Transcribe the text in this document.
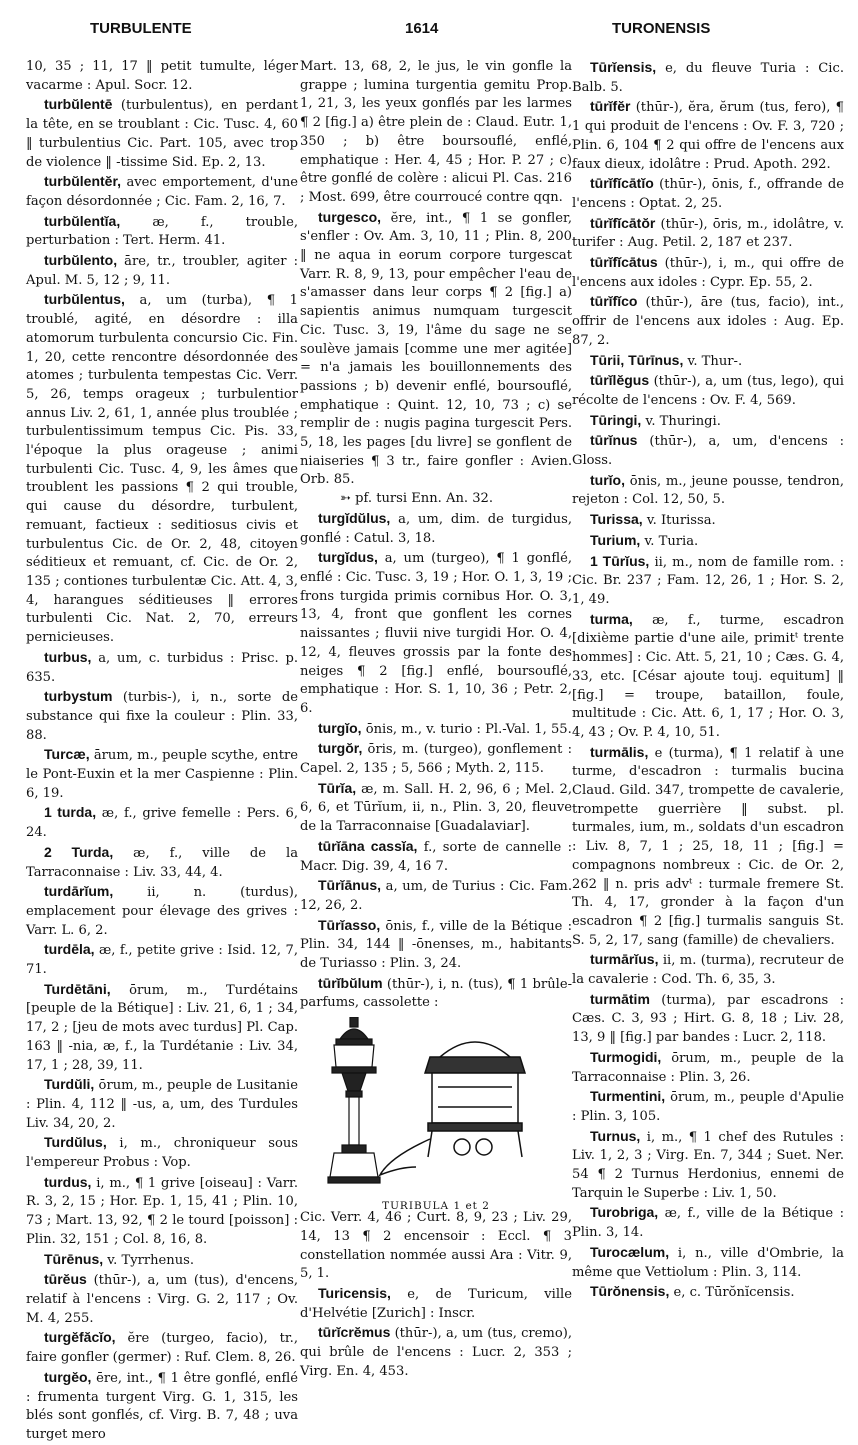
TURBULENTE	1614	TURONENSIS

10, 35 ; 11, 17 ‖ petit tumulte, léger vacarme : Apul. Socr. 12.

turbŭlentē (turbulentus), en perdant la tête, en se troublant : Cic. Tusc. 4, 60 ‖ turbulentius Cic. Part. 105, avec trop de violence ‖ -tissime Sid. Ep. 2, 13.

turbŭlentĕr, avec emportement, d'une façon désordonnée ; Cic. Fam. 2, 16, 7.

turbŭlentĭa, æ, f., trouble, perturbation : Tert. Herm. 41.

turbŭlento, āre, tr., troubler, agiter : Apul. M. 5, 12 ; 9, 11.

turbŭlentus, a, um (turba), ¶ 1 troublé, agité, en désordre : illa atomorum turbulenta concursio Cic. Fin. 1, 20, cette rencontre désordonnée des atomes ; turbulenta tempestas Cic. Verr. 5, 26, temps orageux ; turbulentior annus Liv. 2, 61, 1, année plus troublée ; turbulentissimum tempus Cic. Pis. 33, l'époque la plus orageuse ; animi turbulenti Cic. Tusc. 4, 9, les âmes que troublent les passions ¶ 2 qui trouble, qui cause du désordre, turbulent, remuant, factieux : seditiosus civis et turbulentus Cic. de Or. 2, 48, citoyen séditieux et remuant, cf. Cic. de Or. 2, 135 ; contiones turbulentæ Cic. Att. 4, 3, 4, harangues séditieuses ‖ errores turbulenti Cic. Nat. 2, 70, erreurs pernicieuses.

turbus, a, um, c. turbidus : Prisc. p. 635.

turbystum (turbis-), i, n., sorte de substance qui fixe la couleur : Plin. 33, 88.

Turcæ, ārum, m., peuple scythe, entre le Pont-Euxin et la mer Caspienne : Plin. 6, 19.

1 turda, æ, f., grive femelle : Pers. 6, 24.

2 Turda, æ, f., ville de la Tarraconnaise : Liv. 33, 44, 4.

turdārĭum, ii, n. (turdus), emplacement pour élevage des grives : Varr. L. 6, 2.

turdēla, æ, f., petite grive : Isid. 12, 7, 71.

Turdētāni, ōrum, m., Turdétains [peuple de la Bétique] : Liv. 21, 6, 1 ; 34, 17, 2 ; [jeu de mots avec turdus] Pl. Cap. 163 ‖ -nia, æ, f., la Turdétanie : Liv. 34, 17, 1 ; 28, 39, 11.

Turdŭli, ōrum, m., peuple de Lusitanie : Plin. 4, 112 ‖ -us, a, um, des Turdules Liv. 34, 20, 2.

Turdŭlus, i, m., chroniqueur sous l'empereur Probus : Vop.

turdus, i, m., ¶ 1 grive [oiseau] : Varr. R. 3, 2, 15 ; Hor. Ep. 1, 15, 41 ; Plin. 10, 73 ; Mart. 13, 92, ¶ 2 le tourd [poisson] : Plin. 32, 151 ; Col. 8, 16, 8.

Tūrēnus, v. Tyrrhenus.

tūrĕus (thūr-), a, um (tus), d'encens, relatif à l'encens : Virg. G. 2, 117 ; Ov. M. 4, 255.

turgĕfăcĭo, ĕre (turgeo, facio), tr., faire gonfler (germer) : Ruf. Clem. 8, 26.

turgĕo, ēre, int., ¶ 1 être gonflé, enflé : frumenta turgent Virg. G. 1, 315, les blés sont gonflés, cf. Virg. B. 7, 48 ; uva turget mero

Mart. 13, 68, 2, le jus, le vin gonfle la grappe ; lumina turgentia gemitu Prop. 1, 21, 3, les yeux gonflés par les larmes ¶ 2 [fig.] a) être plein de : Claud. Eutr. 1, 350 ; b) être boursouflé, enflé, emphatique : Her. 4, 45 ; Hor. P. 27 ; c) être gonflé de colère : alicui Pl. Cas. 216 ; Most. 699, être courroucé contre qqn.

turgesco, ĕre, int., ¶ 1 se gonfler, s'enfler : Ov. Am. 3, 10, 11 ; Plin. 8, 200 ‖ ne aqua in eorum corpore turgescat Varr. R. 8, 9, 13, pour empêcher l'eau de s'amasser dans leur corps ¶ 2 [fig.] a) sapientis animus numquam turgescit Cic. Tusc. 3, 19, l'âme du sage ne se soulève jamais [comme une mer agitée] = n'a jamais les bouillonnements des passions ; b) devenir enflé, boursouflé, emphatique : Quint. 12, 10, 73 ; c) se remplir de : nugis pagina turgescit Pers. 5, 18, les pages [du livre] se gonflent de niaiseries ¶ 3 tr., faire gonfler : Avien. Orb. 85.

➳ pf. tursi Enn. An. 32.

turgĭdŭlus, a, um, dim. de turgidus, gonflé : Catul. 3, 18.

turgĭdus, a, um (turgeo), ¶ 1 gonflé, enflé : Cic. Tusc. 3, 19 ; Hor. O. 1, 3, 19 ; frons turgida primis cornibus Hor. O. 3, 13, 4, front que gonflent les cornes naissantes ; fluvii nive turgidi Hor. O. 4, 12, 4, fleuves grossis par la fonte des neiges ¶ 2 [fig.] enflé, boursouflé, emphatique : Hor. S. 1, 10, 36 ; Petr. 2, 6.

turgĭo, ōnis, m., v. turio : Pl.-Val. 1, 55.

turgŏr, ōris, m. (turgeo), gonflement : Capel. 2, 135 ; 5, 566 ; Myth. 2, 115.

Tūrĭa, æ, m. Sall. H. 2, 96, 6 ; Mel. 2, 6, 6, et Tūrĭum, ii, n., Plin. 3, 20, fleuve de la Tarraconnaise [Guadalaviar].

tūrĭāna cassĭa, f., sorte de cannelle : Macr. Dig. 39, 4, 16 7.

Tūrĭānus, a, um, de Turius : Cic. Fam. 12, 26, 2.

Tūrĭasso, ōnis, f., ville de la Bétique : Plin. 34, 144 ‖ -ōnenses, m., habitants de Turiasso : Plin. 3, 24.

tūrĭbŭlum (thūr-), i, n. (tus), ¶ 1 brûle-parfums, cassolette :

TURIBULA 1 et 2

Cic. Verr. 4, 46 ; Curt. 8, 9, 23 ; Liv. 29, 14, 13 ¶ 2 encensoir : Eccl. ¶ 3 constellation nommée aussi Ara : Vitr. 9, 5, 1.

Turicensis, e, de Turicum, ville d'Helvétie [Zurich] : Inscr.

tūrĭcrĕmus (thūr-), a, um (tus, cremo), qui brûle de l'encens : Lucr. 2, 353 ; Virg. En. 4, 453.

Tūrĭensis, e, du fleuve Turia : Cic. Balb. 5.

tūrĭfĕr (thūr-), ĕra, ĕrum (tus, fero), ¶ 1 qui produit de l'encens : Ov. F. 3, 720 ; Plin. 6, 104 ¶ 2 qui offre de l'encens aux faux dieux, idolâtre : Prud. Apoth. 292.

tūrĭfĭcātĭo (thūr-), ōnis, f., offrande de l'encens : Optat. 2, 25.

tūrĭfĭcātŏr (thūr-), ōris, m., idolâtre, v. turifer : Aug. Petil. 2, 187 et 237.

tūrĭfĭcātus (thūr-), i, m., qui offre de l'encens aux idoles : Cypr. Ep. 55, 2.

tūrĭfĭco (thūr-), āre (tus, facio), int., offrir de l'encens aux idoles : Aug. Ep. 87, 2.

Tūrii, Tūrīnus, v. Thur-.

tūrĭlĕgus (thūr-), a, um (tus, lego), qui récolte de l'encens : Ov. F. 4, 569.

Tūringi, v. Thuringi.

tūrĭnus (thūr-), a, um, d'encens : Gloss.

turĭo, ōnis, m., jeune pousse, tendron, rejeton : Col. 12, 50, 5.

Turissa, v. Iturissa.

Turium, v. Turia.

1 Tūrĭus, ii, m., nom de famille rom. : Cic. Br. 237 ; Fam. 12, 26, 1 ; Hor. S. 2, 1, 49.

turma, æ, f., turme, escadron [dixième partie d'une aile, primitᵗ trente hommes] : Cic. Att. 5, 21, 10 ; Cæs. G. 4, 33, etc. [César ajoute touj. equitum] ‖ [fig.] = troupe, bataillon, foule, multitude : Cic. Att. 6, 1, 17 ; Hor. O. 3, 4, 43 ; Ov. P. 4, 10, 51.

turmālis, e (turma), ¶ 1 relatif à une turme, d'escadron : turmalis bucina Claud. Gild. 347, trompette de cavalerie, trompette guerrière ‖ subst. pl. turmales, ium, m., soldats d'un escadron : Liv. 8, 7, 1 ; 25, 18, 11 ; [fig.] = compagnons nombreux : Cic. de Or. 2, 262 ‖ n. pris advᵗ : turmale fremere St. Th. 4, 17, gronder à la façon d'un escadron ¶ 2 [fig.] turmalis sanguis St. S. 5, 2, 17, sang (famille) de chevaliers.

turmārĭus, ii, m. (turma), recruteur de la cavalerie : Cod. Th. 6, 35, 3.

turmātim (turma), par escadrons : Cæs. C. 3, 93 ; Hirt. G. 8, 18 ; Liv. 28, 13, 9 ‖ [fig.] par bandes : Lucr. 2, 118.

Turmogidi, ōrum, m., peuple de la Tarraconnaise : Plin. 3, 26.

Turmentini, ōrum, m., peuple d'Apulie : Plin. 3, 105.

Turnus, i, m., ¶ 1 chef des Rutules : Liv. 1, 2, 3 ; Virg. En. 7, 344 ; Suet. Ner. 54 ¶ 2 Turnus Herdonius, ennemi de Tarquin le Superbe : Liv. 1, 50.

Turobriga, æ, f., ville de la Bétique : Plin. 3, 14.

Turocælum, i, n., ville d'Ombrie, la même que Vettiolum : Plin. 3, 114.

Tūrŏnensis, e, c. Tūrŏnĭcensis.
